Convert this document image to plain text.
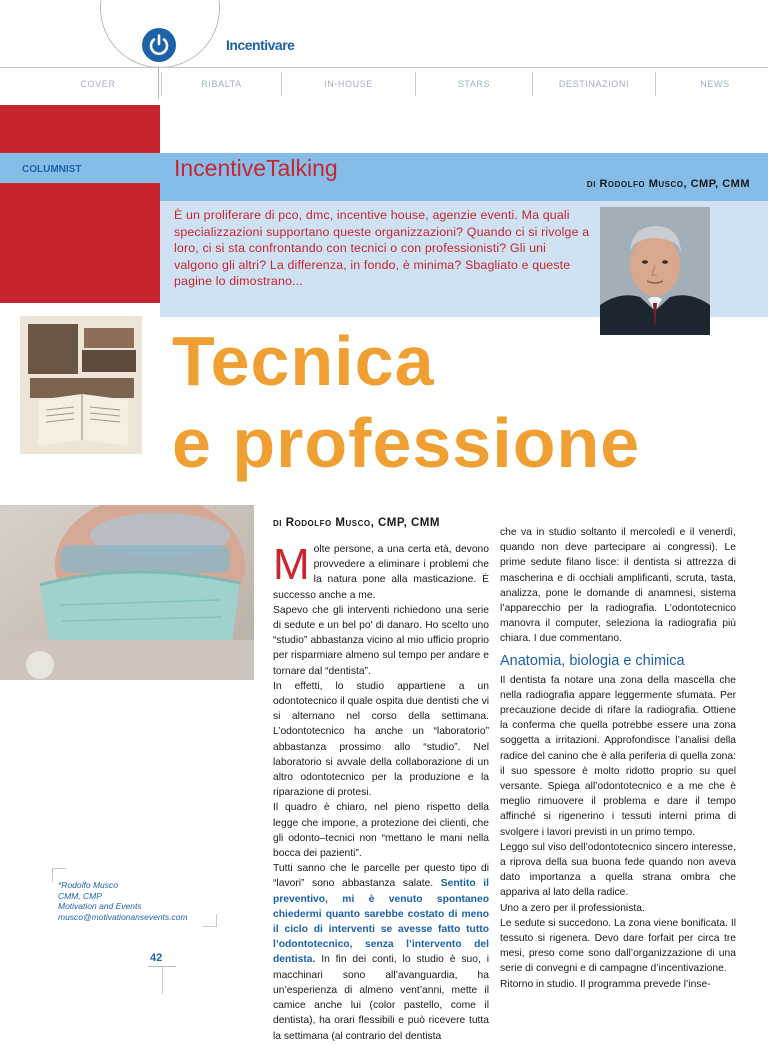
Incentivare
COVER	RIBALTA	IN-HOUSE	STARS	DESTINAZIONI	NEWS
COLUMNIST	IncentiveTalking
di Rodolfo Musco, CMP, CMM
È un proliferare di pco, dmc, incentive house, agenzie eventi. Ma quali specializzazioni supportano queste organizzazioni? Quando ci si rivolge a loro, ci si sta confrontando con tecnici o con professionisti? Gli uni valgono gli altri? La differenza, in fondo, è minima? Sbagliato e queste pagine lo dimostrano...
Tecnica
e professione
di Rodolfo Musco, CMP, CMM

Molte persone, a una certa età, devono provvedere a eliminare i problemi che la natura pone alla masticazione. È successo anche a me.

Sapevo che gli interventi richiedono una serie di sedute e un bel po' di danaro. Ho scelto uno “studio” abbastanza vicino al mio ufficio proprio per risparmiare almeno sul tempo per andare e tornare dal “dentista”.

In effetti, lo studio appartiene a un odontotecnico il quale ospita due dentisti che vi si alternano nel corso della settimana. L’odontotecnico ha anche un “laboratorio” abbastanza prossimo allo “studio”. Nel laboratorio si avvale della collaborazione di un altro odontotecnico per la produzione e la riparazione di protesi.

Il quadro è chiaro, nel pieno rispetto della legge che impone, a protezione dei clienti, che gli odonto–tecnici non “mettano le mani nella bocca dei pazienti”.

Tutti sanno che le parcelle per questo tipo di “lavori” sono abbastanza salate. Sentito il preventivo, mi è venuto spontaneo chiedermi quanto sarebbe costato di meno il ciclo di interventi se avesse fatto tutto l’odontotecnico, senza l’intervento del dentista. In fin dei conti, lo studio è suo, i macchinari sono all’avanguardia, ha un’esperienza di almeno vent’anni, mette il camice anche lui (color pastello, come il dentista), ha orari flessibili e può ricevere tutta la settimana (al contrario del dentista

che va in studio soltanto il mercoledì e il venerdì, quando non deve partecipare ai congressi). Le prime sedute filano lisce: il dentista si attrezza di mascherina e di occhiali amplificanti, scruta, tasta, analizza, pone le domande di anamnesi, sistema l’apparecchio per la radiografia. L’odontotecnico manovra il computer, seleziona la radiografia più chiara. I due commentano.

Anatomia, biologia e chimica

Il dentista fa notare una zona della mascella che nella radiografia appare leggermente sfumata. Per precauzione decide di rifare la radiografia. Ottiene la conferma che quella potrebbe essere una zona soggetta a irritazioni. Approfondisce l’analisi della radice del canino che è alla periferia di quella zona: il suo spessore è molto ridotto proprio su quel versante. Spiega all’odontotecnico e a me che è meglio rimuovere il problema e dare il tempo affinché si rigenerino i tessuti interni prima di svolgere i lavori previsti in un primo tempo.

Leggo sul viso dell’odontotecnico sincero interesse, a riprova della sua buona fede quando non aveva dato importanza a quella strana ombra che appariva al lato della radice.

Uno a zero per il professionista.

Le sedute si succedono. La zona viene bonificata. Il tessuto si rigenera. Devo dare forfait per circa tre mesi, preso come sono dall’organizzazione di una serie di convegni e di campagne d’incentivazione.

Ritorno in studio. Il programma prevede l’inse-

*Rodolfo Musco
CMM, CMP
Motivation and Events
musco@motivationansevents.com
42
